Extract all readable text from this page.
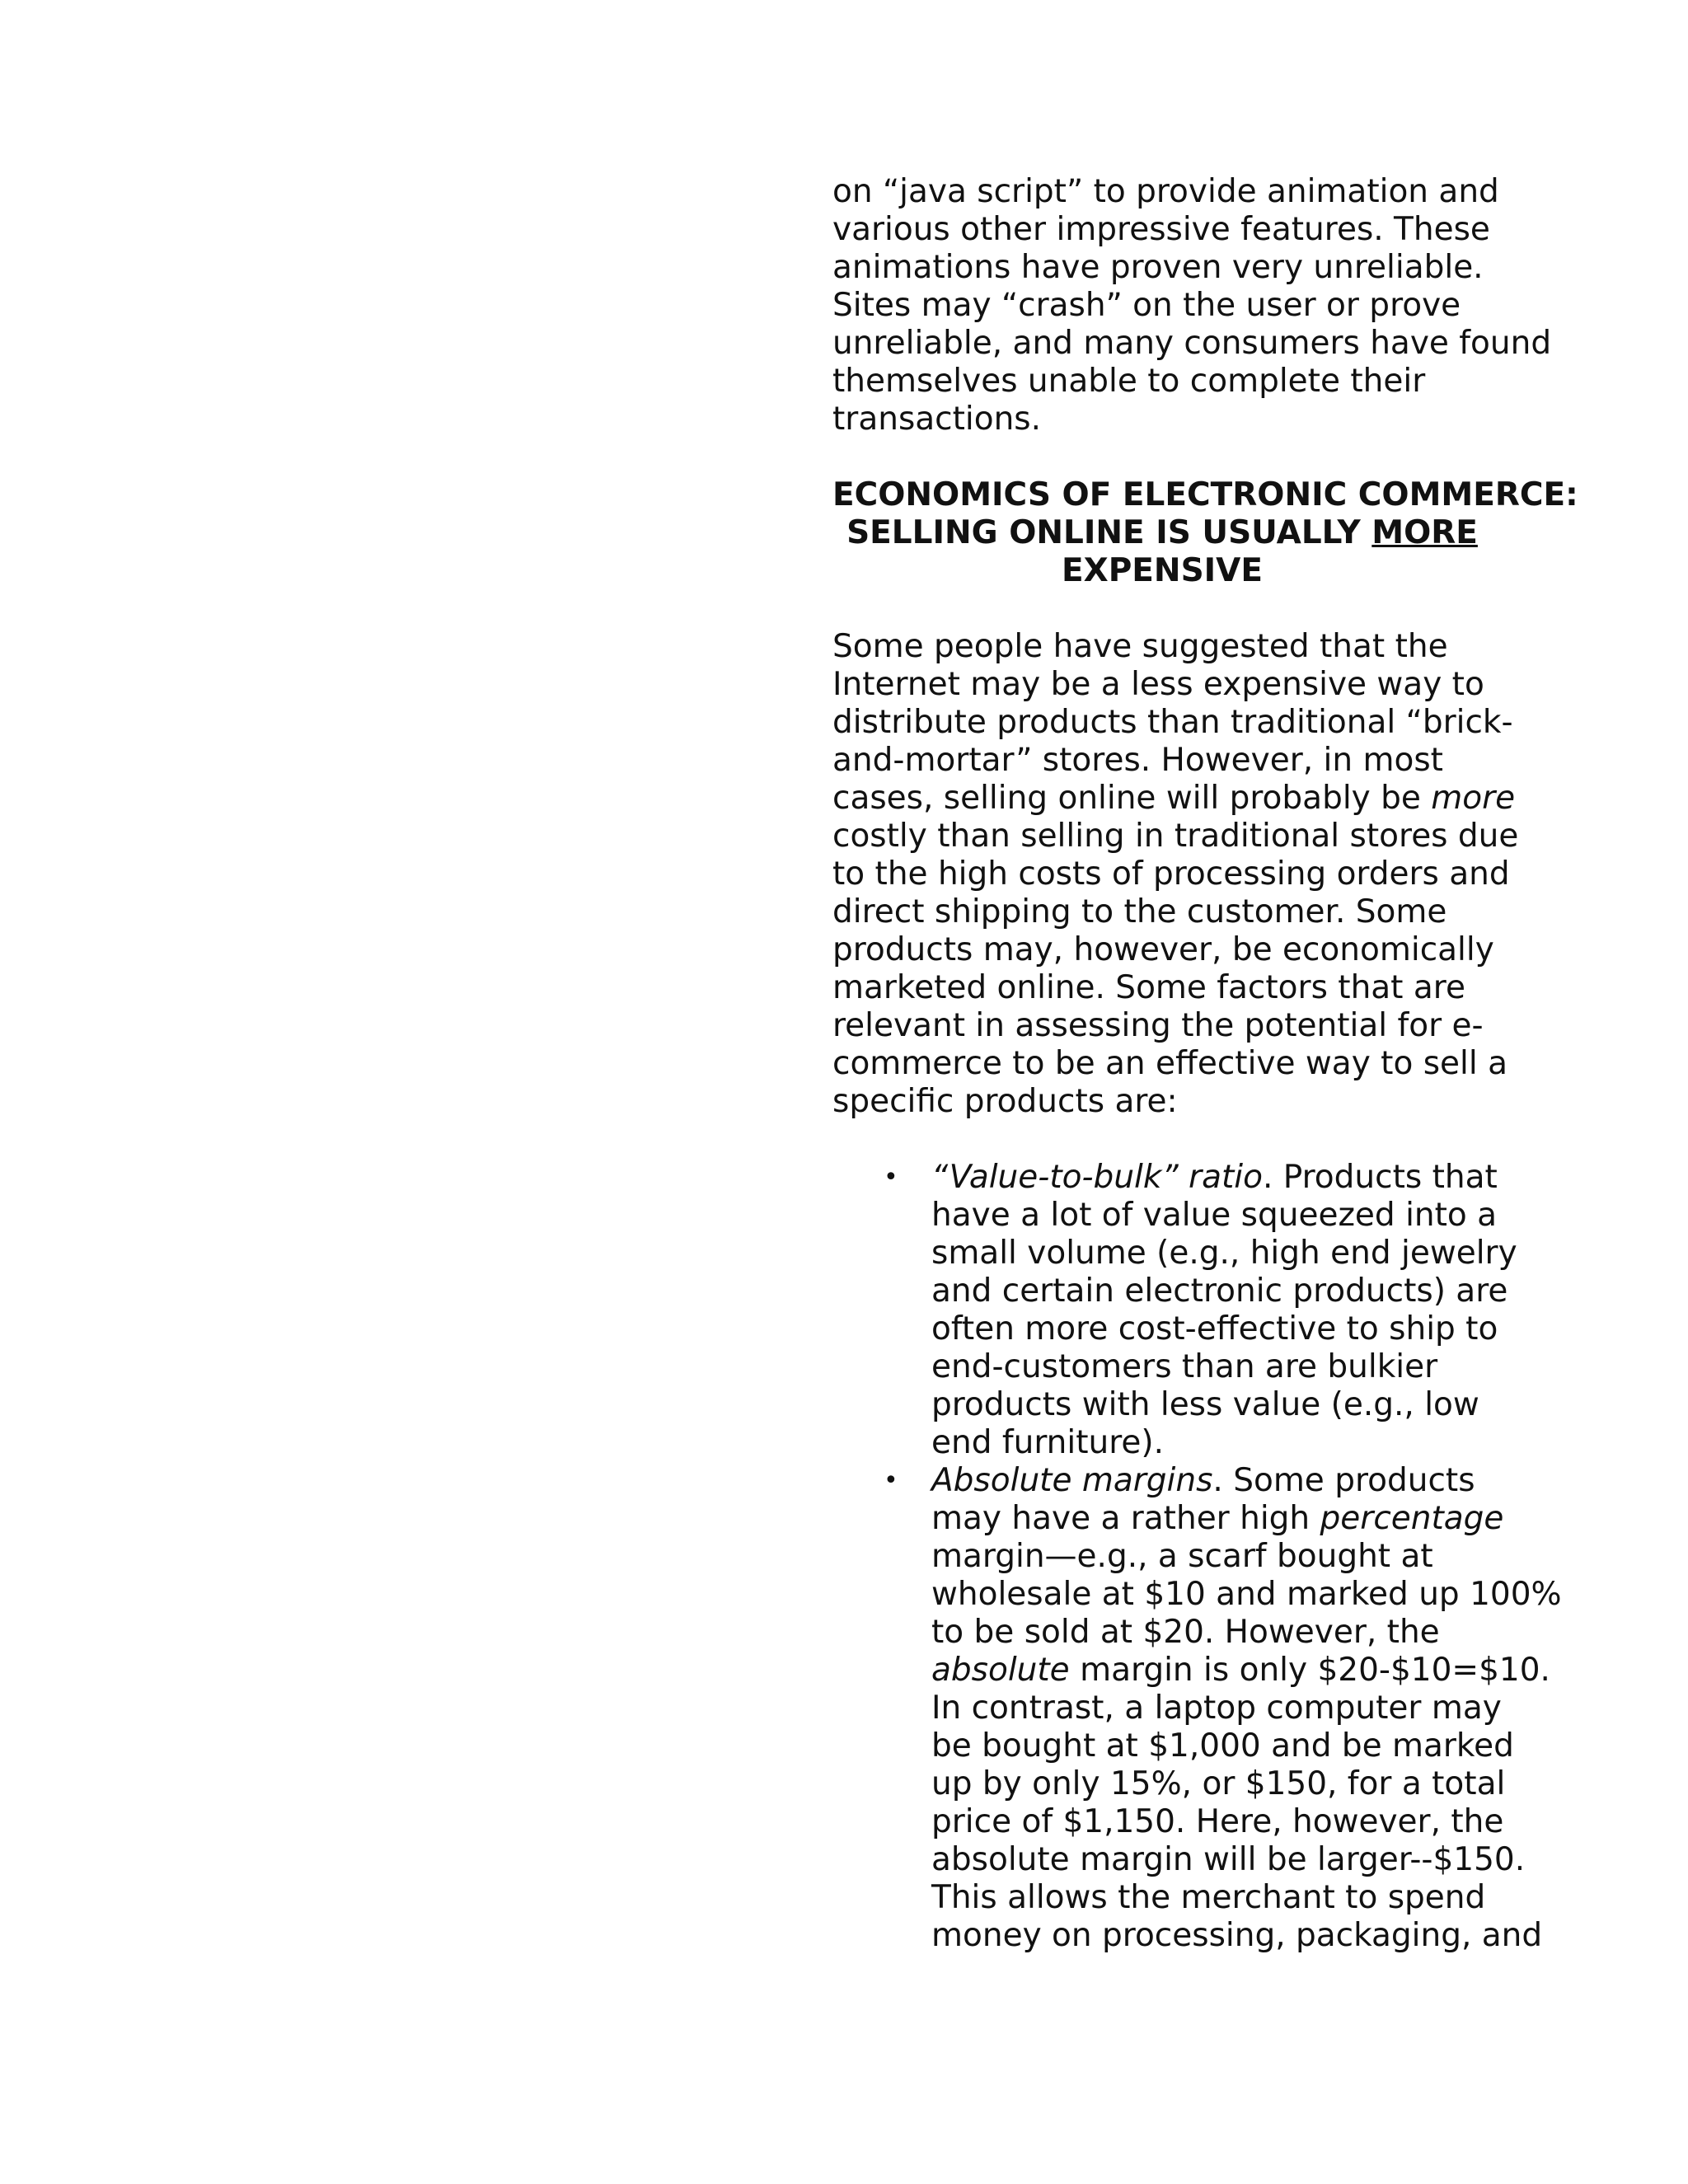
on “java script” to provide animation and
various other impressive features. These
animations have proven very unreliable.
Sites may “crash” on the user or prove
unreliable, and many consumers have found
themselves unable to complete their
transactions.
ECONOMICS OF ELECTRONIC COMMERCE:
SELLING ONLINE IS USUALLY MORE
EXPENSIVE
Some people have suggested that the
Internet may be a less expensive way to
distribute products than traditional “brick-
and-mortar” stores. However, in most
cases, selling online will probably be more
costly than selling in traditional stores due
to the high costs of processing orders and
direct shipping to the customer. Some
products may, however, be economically
marketed online. Some factors that are
relevant in assessing the potential for e-
commerce to be an effective way to sell a
specific products are:
• “Value-to-bulk” ratio. Products that
have a lot of value squeezed into a
small volume (e.g., high end jewelry
and certain electronic products) are
often more cost-effective to ship to
end-customers than are bulkier
products with less value (e.g., low
end furniture).
• Absolute margins. Some products
may have a rather high percentage
margin—e.g., a scarf bought at
wholesale at $10 and marked up 100%
to be sold at $20. However, the
absolute margin is only $20-$10=$10.
In contrast, a laptop computer may
be bought at $1,000 and be marked
up by only 15%, or $150, for a total
price of $1,150. Here, however, the
absolute margin will be larger--$150.
This allows the merchant to spend
money on processing, packaging, and
